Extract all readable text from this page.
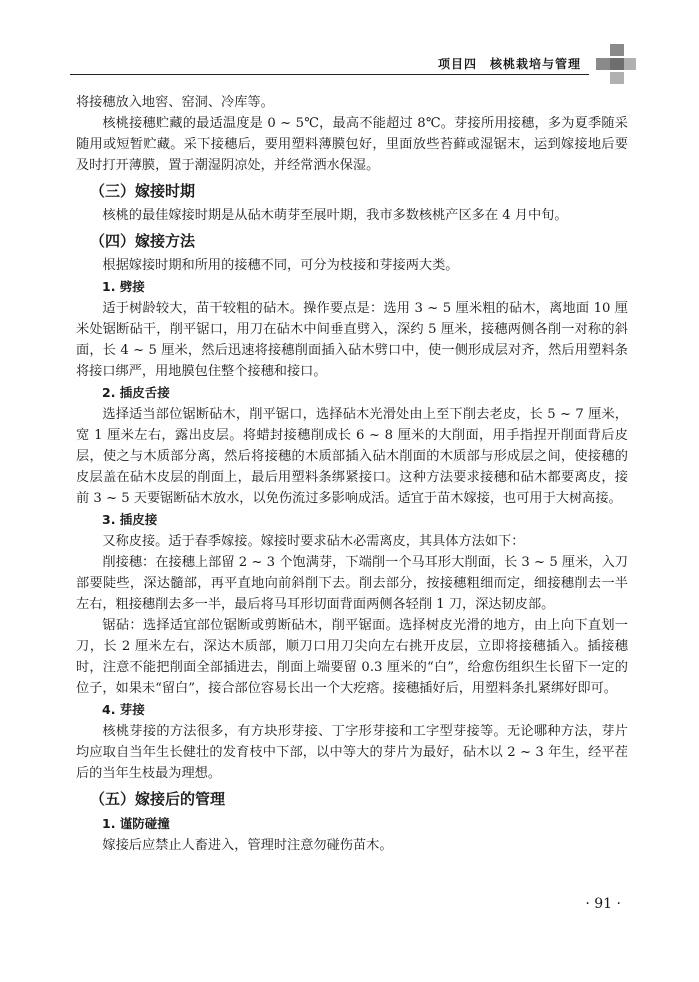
项目四　核桃栽培与管理

将接穗放入地窖、窑洞、冷库等。

核桃接穗贮藏的最适温度是 0 ~ 5℃，最高不能超过 8℃。芽接所用接穗，多为夏季随采随用或短暂贮藏。采下接穗后，要用塑料薄膜包好，里面放些苔藓或湿锯末，运到嫁接地后要及时打开薄膜，置于潮湿阴凉处，并经常洒水保湿。

（三）嫁接时期

核桃的最佳嫁接时期是从砧木萌芽至展叶期，我市多数核桃产区多在 4 月中旬。

（四）嫁接方法

根据嫁接时期和所用的接穗不同，可分为枝接和芽接两大类。

1. 劈接

适于树龄较大，苗干较粗的砧木。操作要点是：选用 3 ~ 5 厘米粗的砧木，离地面 10 厘米处锯断砧干，削平锯口，用刀在砧木中间垂直劈入，深约 5 厘米，接穗两侧各削一对称的斜面，长 4 ~ 5 厘米，然后迅速将接穗削面插入砧木劈口中，使一侧形成层对齐，然后用塑料条将接口绑严，用地膜包住整个接穗和接口。

2. 插皮舌接

选择适当部位锯断砧木，削平锯口，选择砧木光滑处由上至下削去老皮，长 5 ~ 7 厘米，宽 1 厘米左右，露出皮层。将蜡封接穗削成长 6 ~ 8 厘米的大削面，用手指捏开削面背后皮层，使之与木质部分离，然后将接穗的木质部插入砧木削面的木质部与形成层之间，使接穗的皮层盖在砧木皮层的削面上，最后用塑料条绑紧接口。这种方法要求接穗和砧木都要离皮，接前 3 ~ 5 天要锯断砧木放水，以免伤流过多影响成活。适宜于苗木嫁接，也可用于大树高接。

3. 插皮接

又称皮接。适于春季嫁接。嫁接时要求砧木必需离皮，其具体方法如下：

削接穗：在接穗上部留 2 ~ 3 个饱满芽，下端削一个马耳形大削面，长 3 ~ 5 厘米，入刀部要陡些，深达髓部，再平直地向前斜削下去。削去部分，按接穗粗细而定，细接穗削去一半左右，粗接穗削去多一半，最后将马耳形切面背面两侧各轻削 1 刀，深达韧皮部。

锯砧：选择适宜部位锯断或剪断砧木，削平锯面。选择树皮光滑的地方，由上向下直划一刀，长 2 厘米左右，深达木质部，顺刀口用刀尖向左右挑开皮层，立即将接穗插入。插接穗时，注意不能把削面全部插进去，削面上端要留 0.3 厘米的“白”，给愈伤组织生长留下一定的位子，如果未“留白”，接合部位容易长出一个大疙瘩。接穗插好后，用塑料条扎紧绑好即可。

4. 芽接

核桃芽接的方法很多，有方块形芽接、丁字形芽接和工字型芽接等。无论哪种方法，芽片均应取自当年生长健壮的发育枝中下部，以中等大的芽片为最好，砧木以 2 ~ 3 年生，经平茬后的当年生枝最为理想。

（五）嫁接后的管理
1. 谨防碰撞

嫁接后应禁止人畜进入，管理时注意勿碰伤苗木。

· 91 ·
